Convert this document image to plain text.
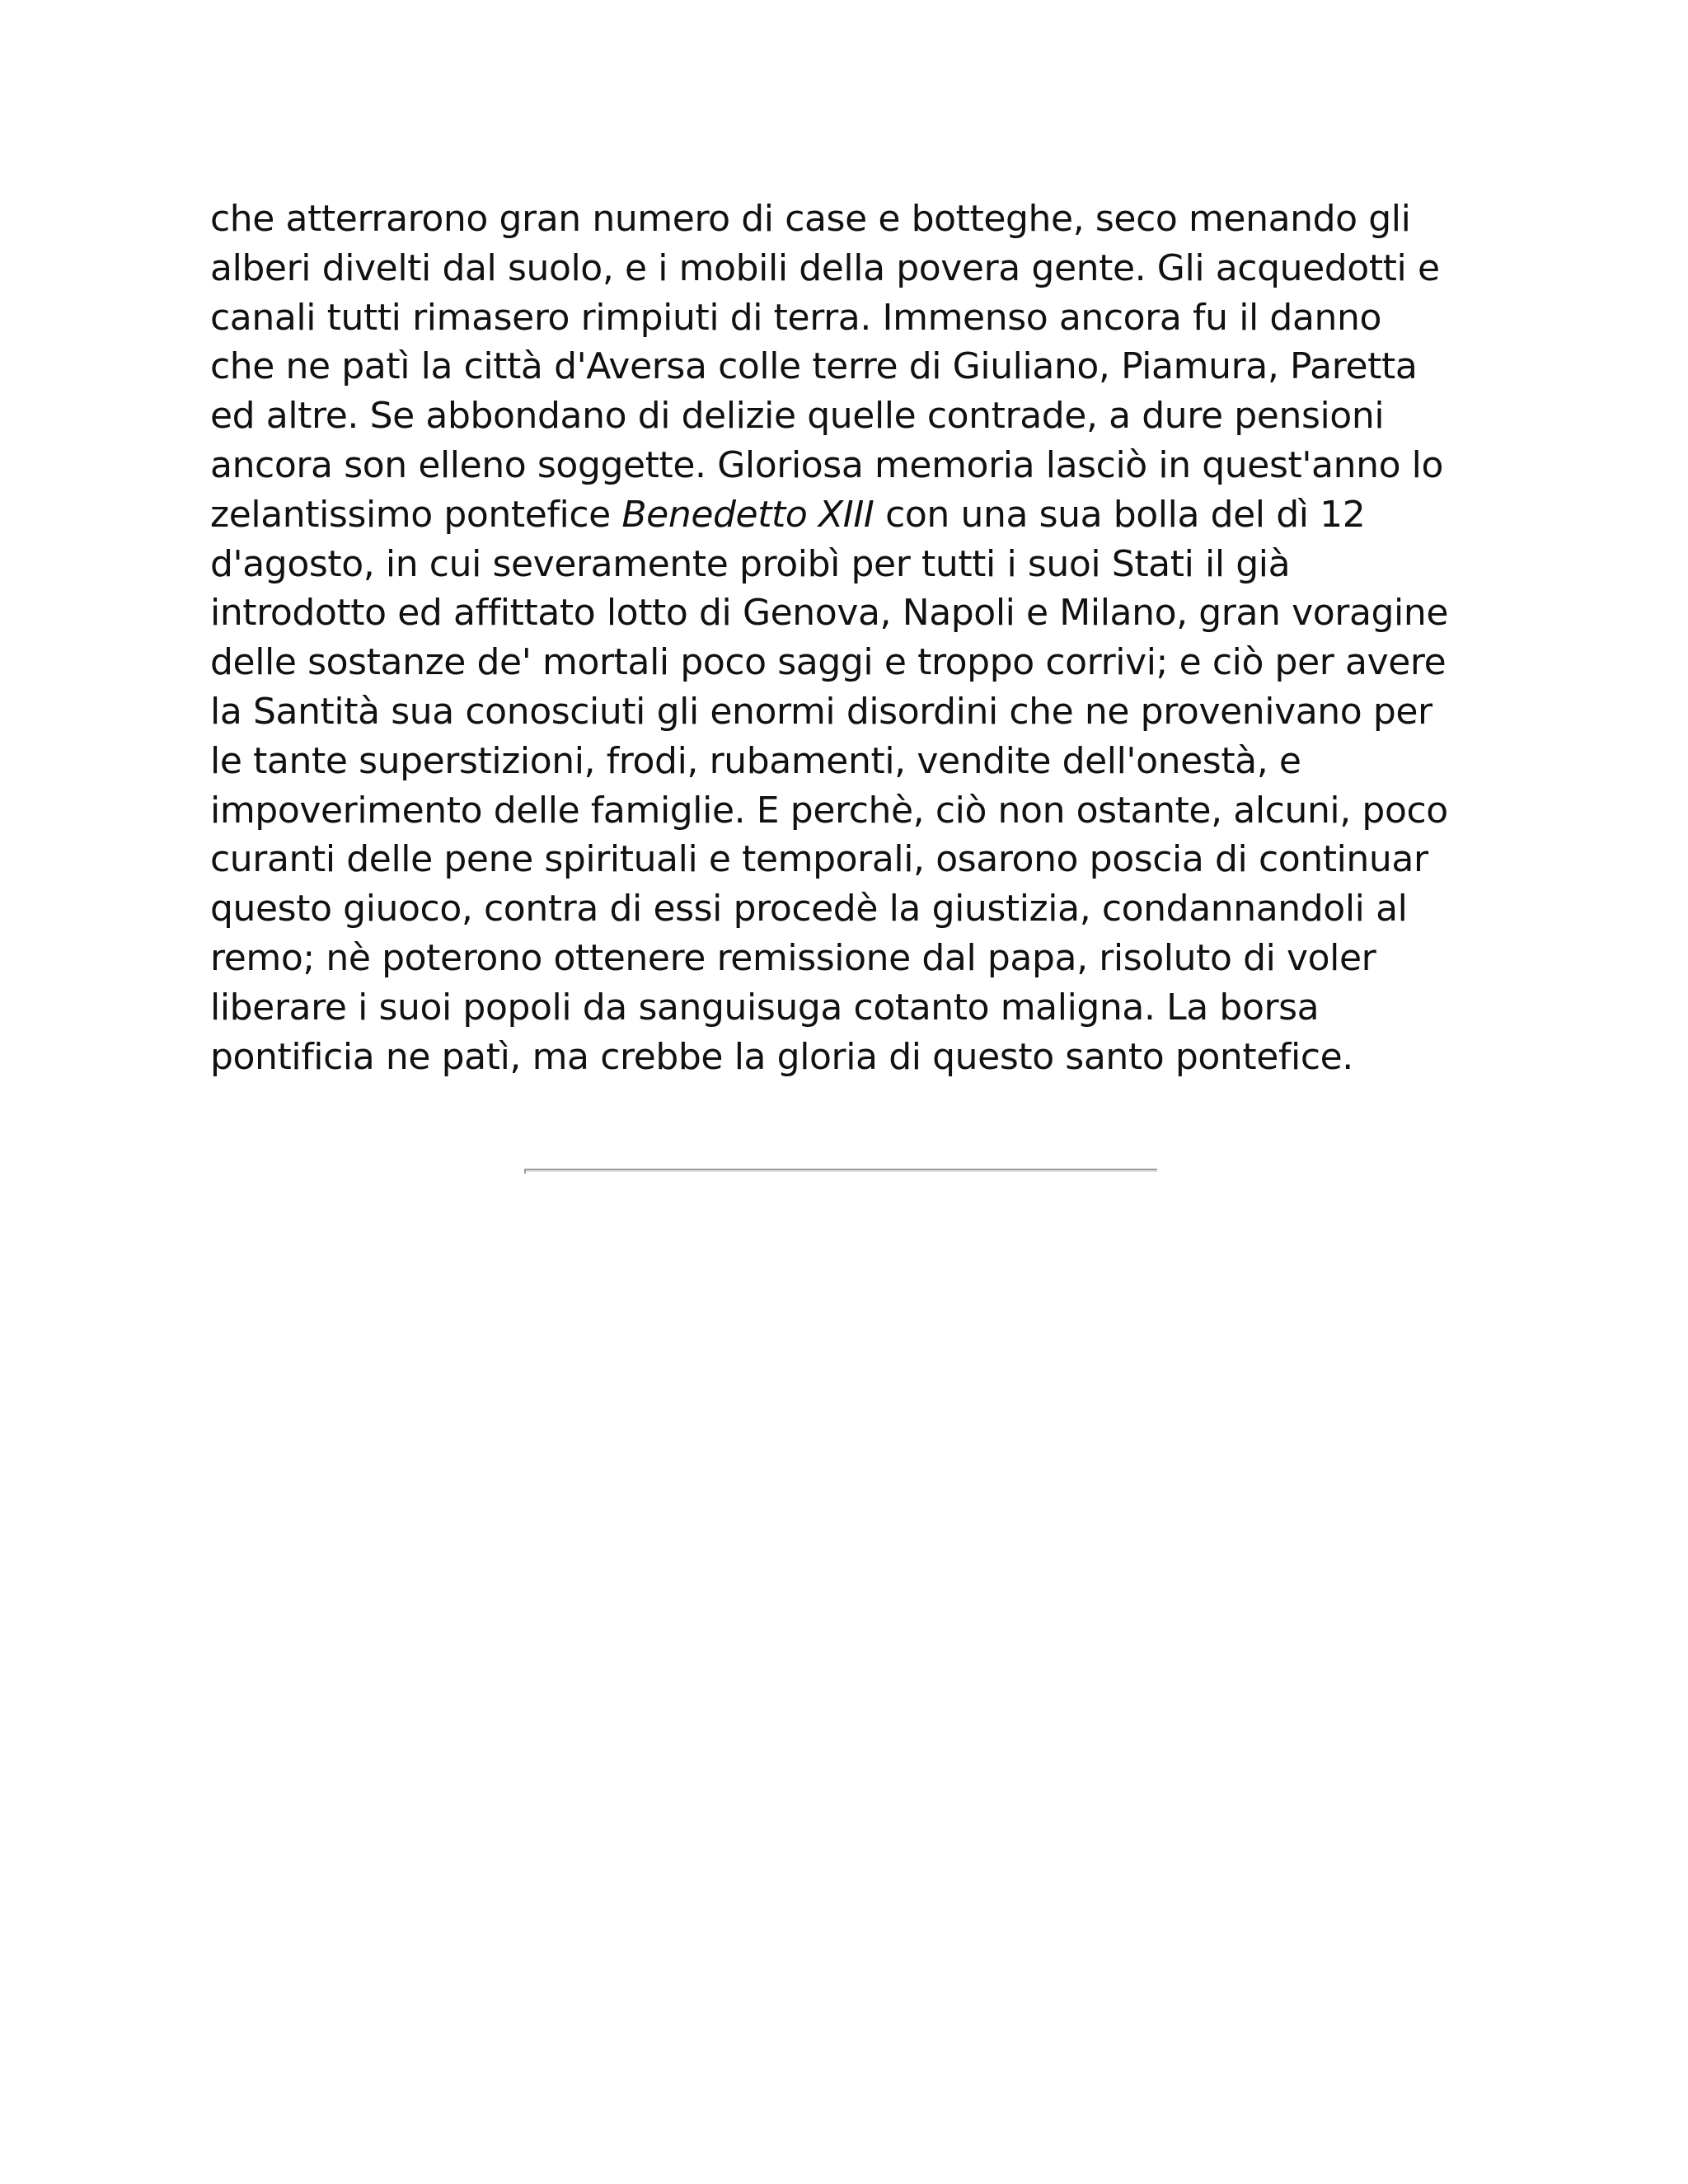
che atterrarono gran numero di case e botteghe, seco menando gli
alberi divelti dal suolo, e i mobili della povera gente. Gli acquedotti e
canali tutti rimasero rimpiuti di terra. Immenso ancora fu il danno
che ne patì la città d'Aversa colle terre di Giuliano, Piamura, Paretta
ed altre. Se abbondano di delizie quelle contrade, a dure pensioni
ancora son elleno soggette. Gloriosa memoria lasciò in quest'anno lo
zelantissimo pontefice Benedetto XIII con una sua bolla del dì 12
d'agosto, in cui severamente proibì per tutti i suoi Stati il già
introdotto ed affittato lotto di Genova, Napoli e Milano, gran voragine
delle sostanze de' mortali poco saggi e troppo corrivi; e ciò per avere
la Santità sua conosciuti gli enormi disordini che ne provenivano per
le tante superstizioni, frodi, rubamenti, vendite dell'onestà, e
impoverimento delle famiglie. E perchè, ciò non ostante, alcuni, poco
curanti delle pene spirituali e temporali, osarono poscia di continuar
questo giuoco, contra di essi procedè la giustizia, condannandoli al
remo; nè poterono ottenere remissione dal papa, risoluto di voler
liberare i suoi popoli da sanguisuga cotanto maligna. La borsa
pontificia ne patì, ma crebbe la gloria di questo santo pontefice.
